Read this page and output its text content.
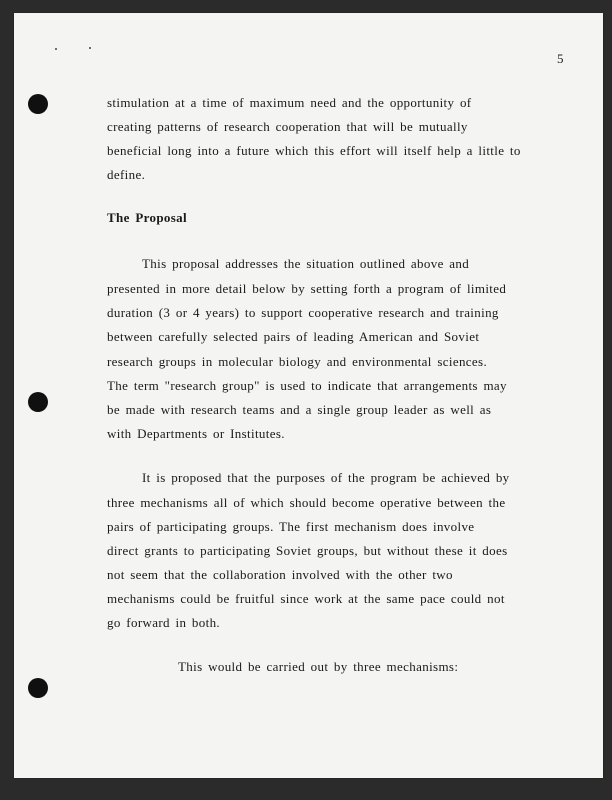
5
stimulation at a time of maximum need and the opportunity of
creating patterns of research cooperation that will be mutually
beneficial long into a future which this effort will itself help a little to
define.
The Proposal
This proposal addresses the situation outlined above and
presented in more detail below by setting forth a program of limited
duration (3 or 4 years) to support cooperative research and training
between carefully selected pairs of leading American and Soviet
research groups in molecular biology and environmental sciences.
The term "research group" is used to indicate that arrangements may
be made with research teams and a single group leader as well as
with Departments or Institutes.
It is proposed that the purposes of the program be achieved by
three mechanisms all of which should become operative between the
pairs of participating groups. The first mechanism does involve
direct grants to participating Soviet groups, but without these it does
not seem that the collaboration involved with the other two
mechanisms could be fruitful since work at the same pace could not
go forward in both.
This would be carried out by three mechanisms:
